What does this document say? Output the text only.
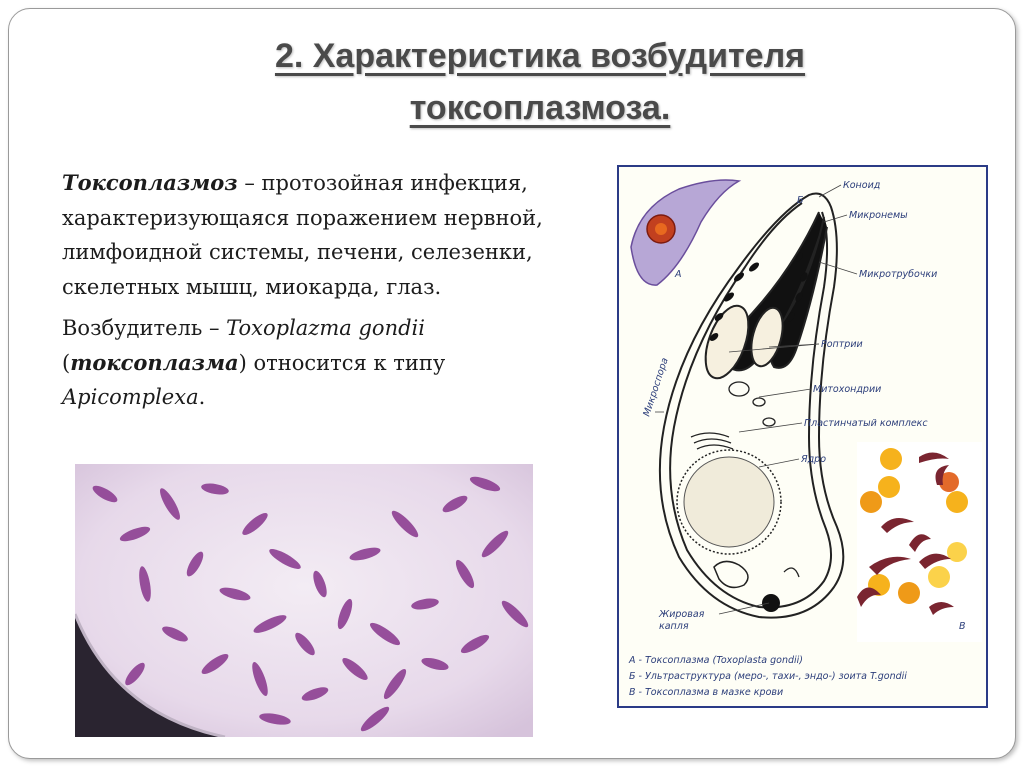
2. Характеристика возбудителя
токсоплазмоза.

Токсоплазмоз – протозойная инфекция, характеризующаяся поражением нервной, лимфоидной системы, печени, селезенки, скелетных мышц, миокарда, глаз.

Возбудитель – Toxoplazma gondii (токсоплазма) относится к типу Apicomplexa.

А
Коноид
Б
Микронемы
Микротрубочки
Роптрии
Митохондрии
Пластинчатый комплекс
Ядро
Микроспора
Жировая
капля	В
А - Токсоплазма (Toxoplasta gondii)
Б - Ультраструктура (меро-, тахи-, эндо-) зоита T.gondii
В - Токсоплазма в мазке крови
